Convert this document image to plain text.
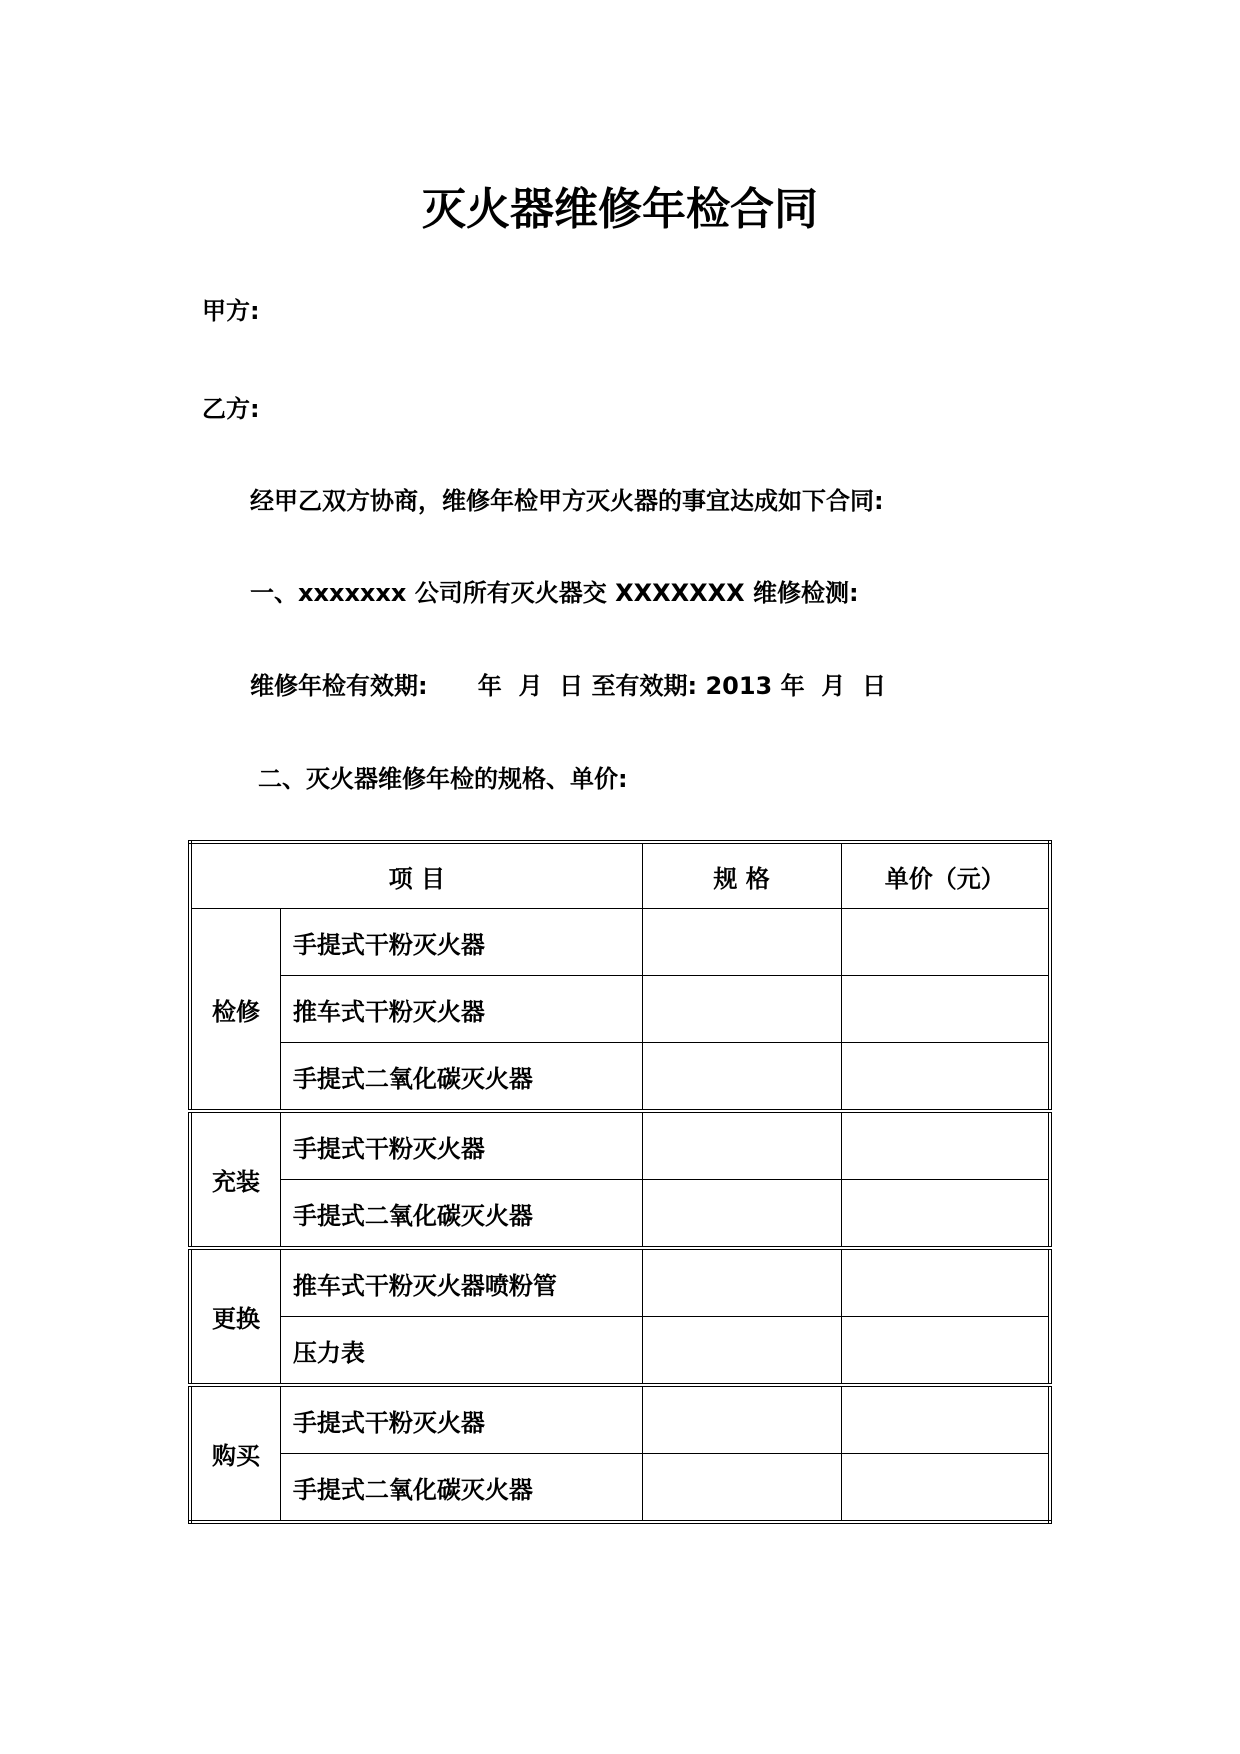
灭火器维修年检合同
甲方:
乙方:
经甲乙双方协商，维修年检甲方灭火器的事宜达成如下合同:
一、xxxxxxx 公司所有灭火器交 XXXXXXX 维修检测:
维修年检有效期:      年  月  日 至有效期: 2013 年  月  日
二、灭火器维修年检的规格、单价:
项 目		规 格	单价（元）
检修	手提式干粉灭火器		
	推车式干粉灭火器		
	手提式二氧化碳灭火器		
充装	手提式干粉灭火器		
	手提式二氧化碳灭火器		
更换	推车式干粉灭火器喷粉管		
	压力表		
购买	手提式干粉灭火器		
	手提式二氧化碳灭火器		
